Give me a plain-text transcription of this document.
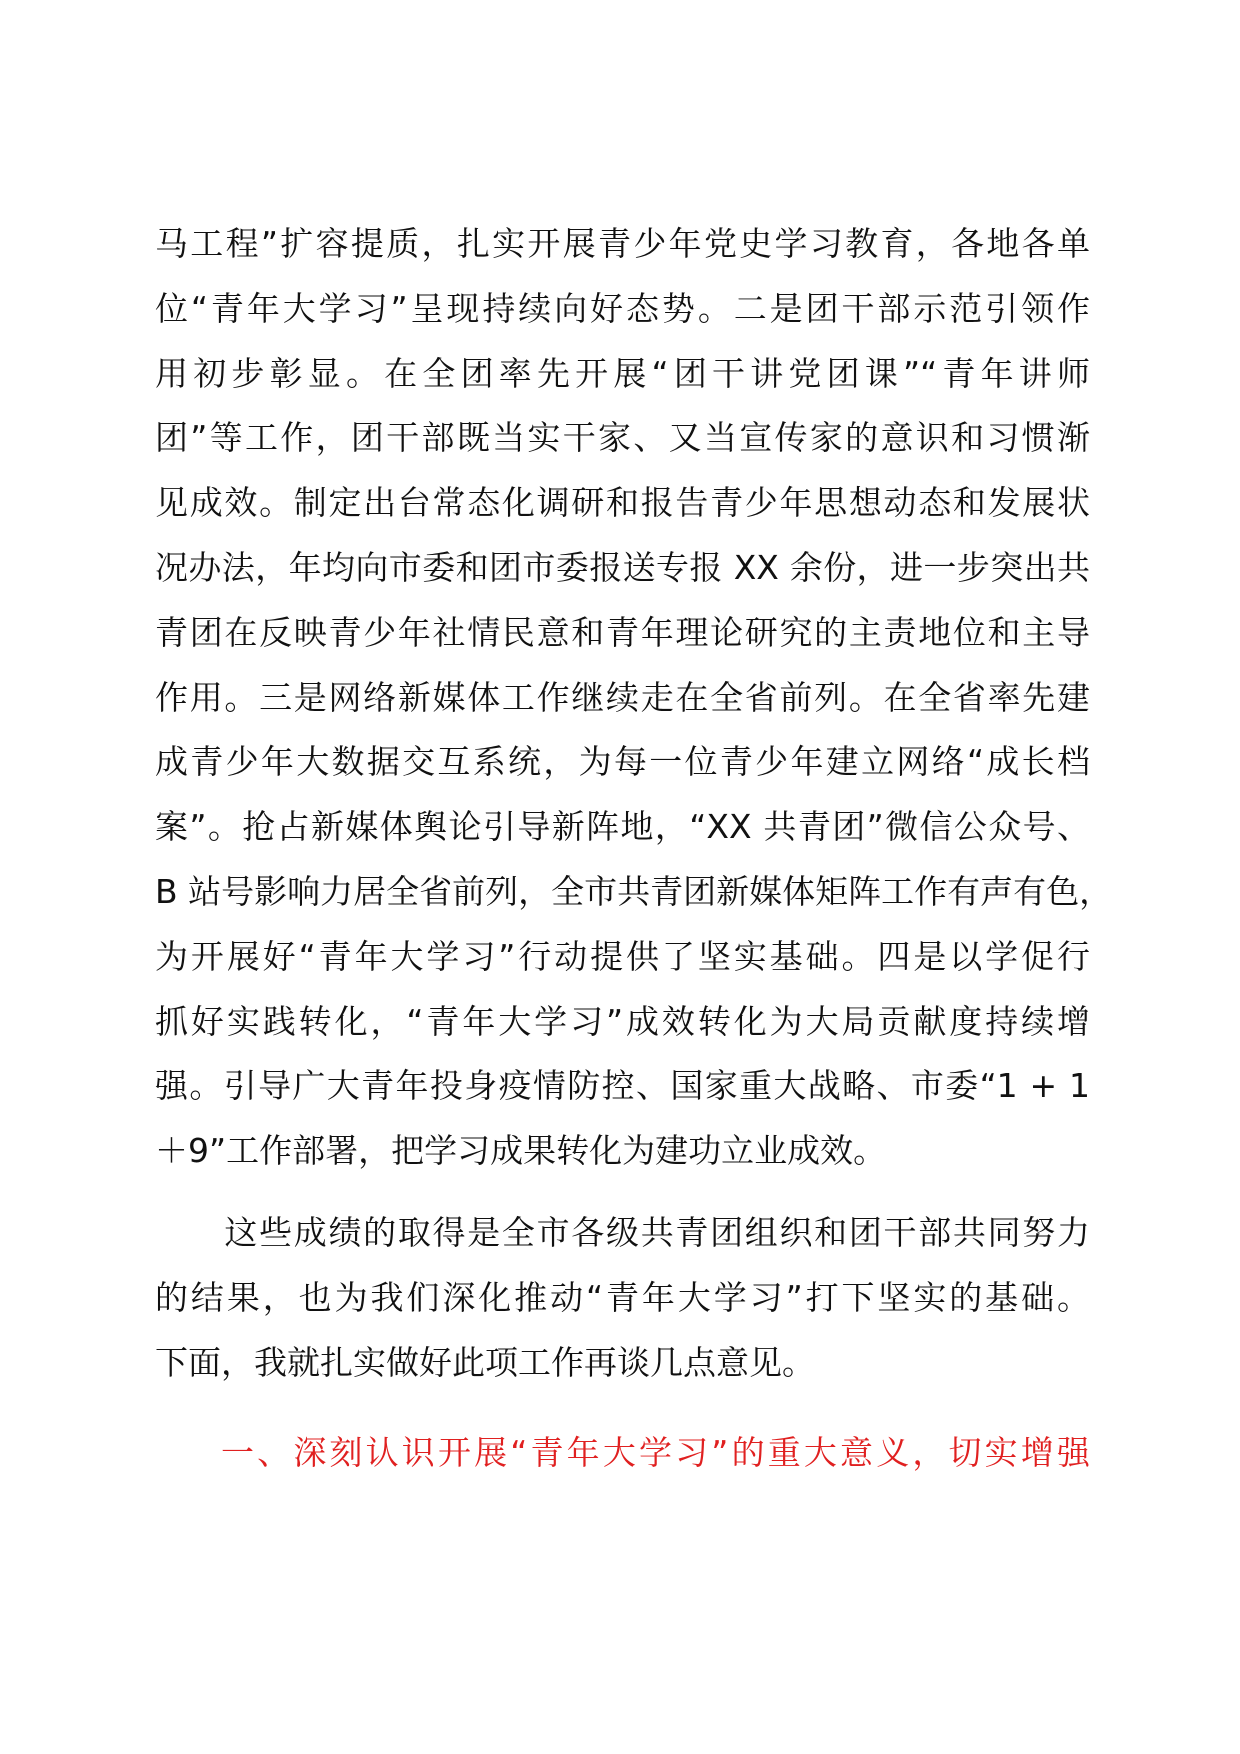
马工程”扩容提质，扎实开展青少年党史学习教育，各地各单
位“青年大学习”呈现持续向好态势。二是团干部示范引领作
用初步彰显。在全团率先开展“团干讲党团课”“青年讲师
团”等工作，团干部既当实干家、又当宣传家的意识和习惯渐
见成效。制定出台常态化调研和报告青少年思想动态和发展状
况办法，年均向市委和团市委报送专报 XX 余份，进一步突出共
青团在反映青少年社情民意和青年理论研究的主责地位和主导
作用。三是网络新媒体工作继续走在全省前列。在全省率先建
成青少年大数据交互系统，为每一位青少年建立网络“成长档
案”。抢占新媒体舆论引导新阵地，“XX 共青团”微信公众号、
B 站号影响力居全省前列，全市共青团新媒体矩阵工作有声有色，
为开展好“青年大学习”行动提供了坚实基础。四是以学促行
抓好实践转化，“青年大学习”成效转化为大局贡献度持续增
强。引导广大青年投身疫情防控、国家重大战略、市委“1 + 1
＋9”工作部署，把学习成果转化为建功立业成效。
　　这些成绩的取得是全市各级共青团组织和团干部共同努力
的结果，也为我们深化推动“青年大学习”打下坚实的基础。
下面，我就扎实做好此项工作再谈几点意见。
一、深刻认识开展“青年大学习”的重大意义，切实增强
